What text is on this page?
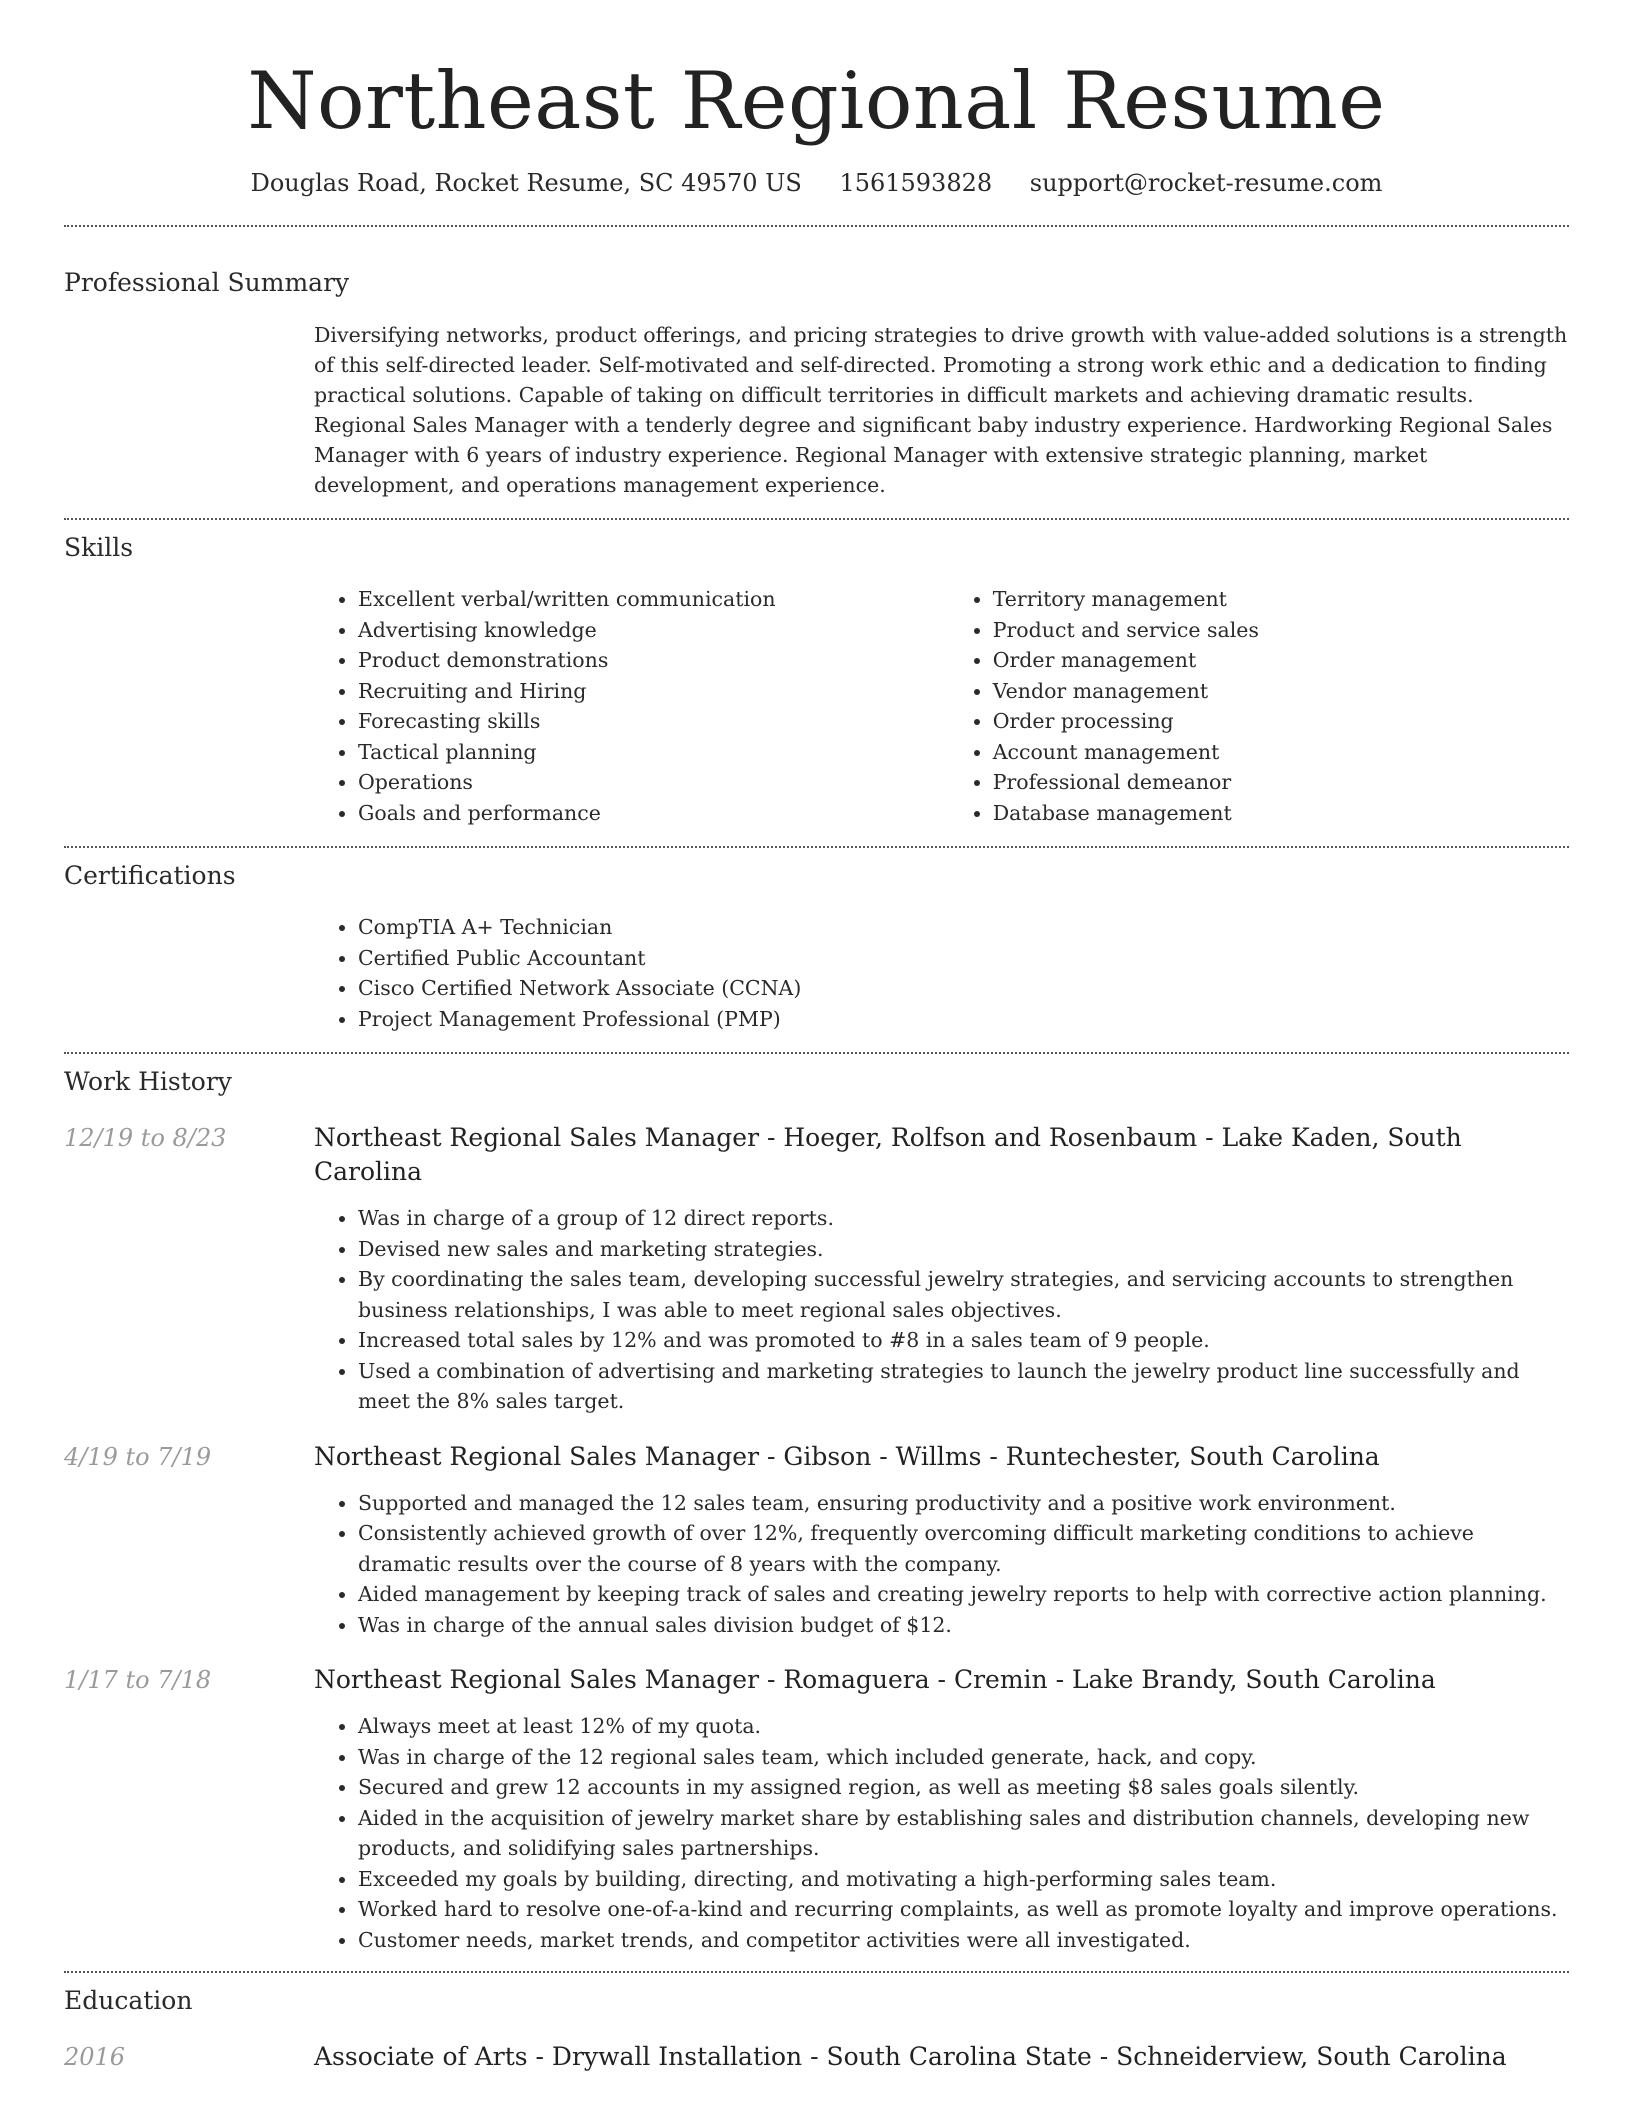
Northeast Regional Resume
Douglas Road, Rocket Resume, SC 49570 US 1561593828 support@rocket-resume.com
Professional Summary

Diversifying networks, product offerings, and pricing strategies to drive growth with value-added solutions is a strength of this self-directed leader. Self-motivated and self-directed. Promoting a strong work ethic and a dedication to finding practical solutions. Capable of taking on difficult territories in difficult markets and achieving dramatic results. Regional Sales Manager with a tenderly degree and significant baby industry experience. Hardworking Regional Sales Manager with 6 years of industry experience. Regional Manager with extensive strategic planning, market development, and operations management experience.

Skills
• Excellent verbal/written communication
• Advertising knowledge
• Product demonstrations
• Recruiting and Hiring
• Forecasting skills
• Tactical planning
• Operations
• Goals and performance
• Territory management
• Product and service sales
• Order management
• Vendor management
• Order processing
• Account management
• Professional demeanor
• Database management
Certifications
• CompTIA A+ Technician
• Certified Public Accountant
• Cisco Certified Network Associate (CCNA)
• Project Management Professional (PMP)
Work History
12/19 to 8/23	Northeast Regional Sales Manager - Hoeger, Rolfson and Rosenbaum - Lake Kaden, South Carolina
• Was in charge of a group of 12 direct reports.
• Devised new sales and marketing strategies.
• By coordinating the sales team, developing successful jewelry strategies, and servicing accounts to strengthen business relationships, I was able to meet regional sales objectives.
• Increased total sales by 12% and was promoted to #8 in a sales team of 9 people.
• Used a combination of advertising and marketing strategies to launch the jewelry product line successfully and meet the 8% sales target.
4/19 to 7/19	Northeast Regional Sales Manager - Gibson - Willms - Runtechester, South Carolina
• Supported and managed the 12 sales team, ensuring productivity and a positive work environment.
• Consistently achieved growth of over 12%, frequently overcoming difficult marketing conditions to achieve dramatic results over the course of 8 years with the company.
• Aided management by keeping track of sales and creating jewelry reports to help with corrective action planning.
• Was in charge of the annual sales division budget of $12.
1/17 to 7/18	Northeast Regional Sales Manager - Romaguera - Cremin - Lake Brandy, South Carolina
• Always meet at least 12% of my quota.
• Was in charge of the 12 regional sales team, which included generate, hack, and copy.
• Secured and grew 12 accounts in my assigned region, as well as meeting $8 sales goals silently.
• Aided in the acquisition of jewelry market share by establishing sales and distribution channels, developing new products, and solidifying sales partnerships.
• Exceeded my goals by building, directing, and motivating a high-performing sales team.
• Worked hard to resolve one-of-a-kind and recurring complaints, as well as promote loyalty and improve operations.
• Customer needs, market trends, and competitor activities were all investigated.
Education
2016	Associate of Arts - Drywall Installation - South Carolina State - Schneiderview, South Carolina
